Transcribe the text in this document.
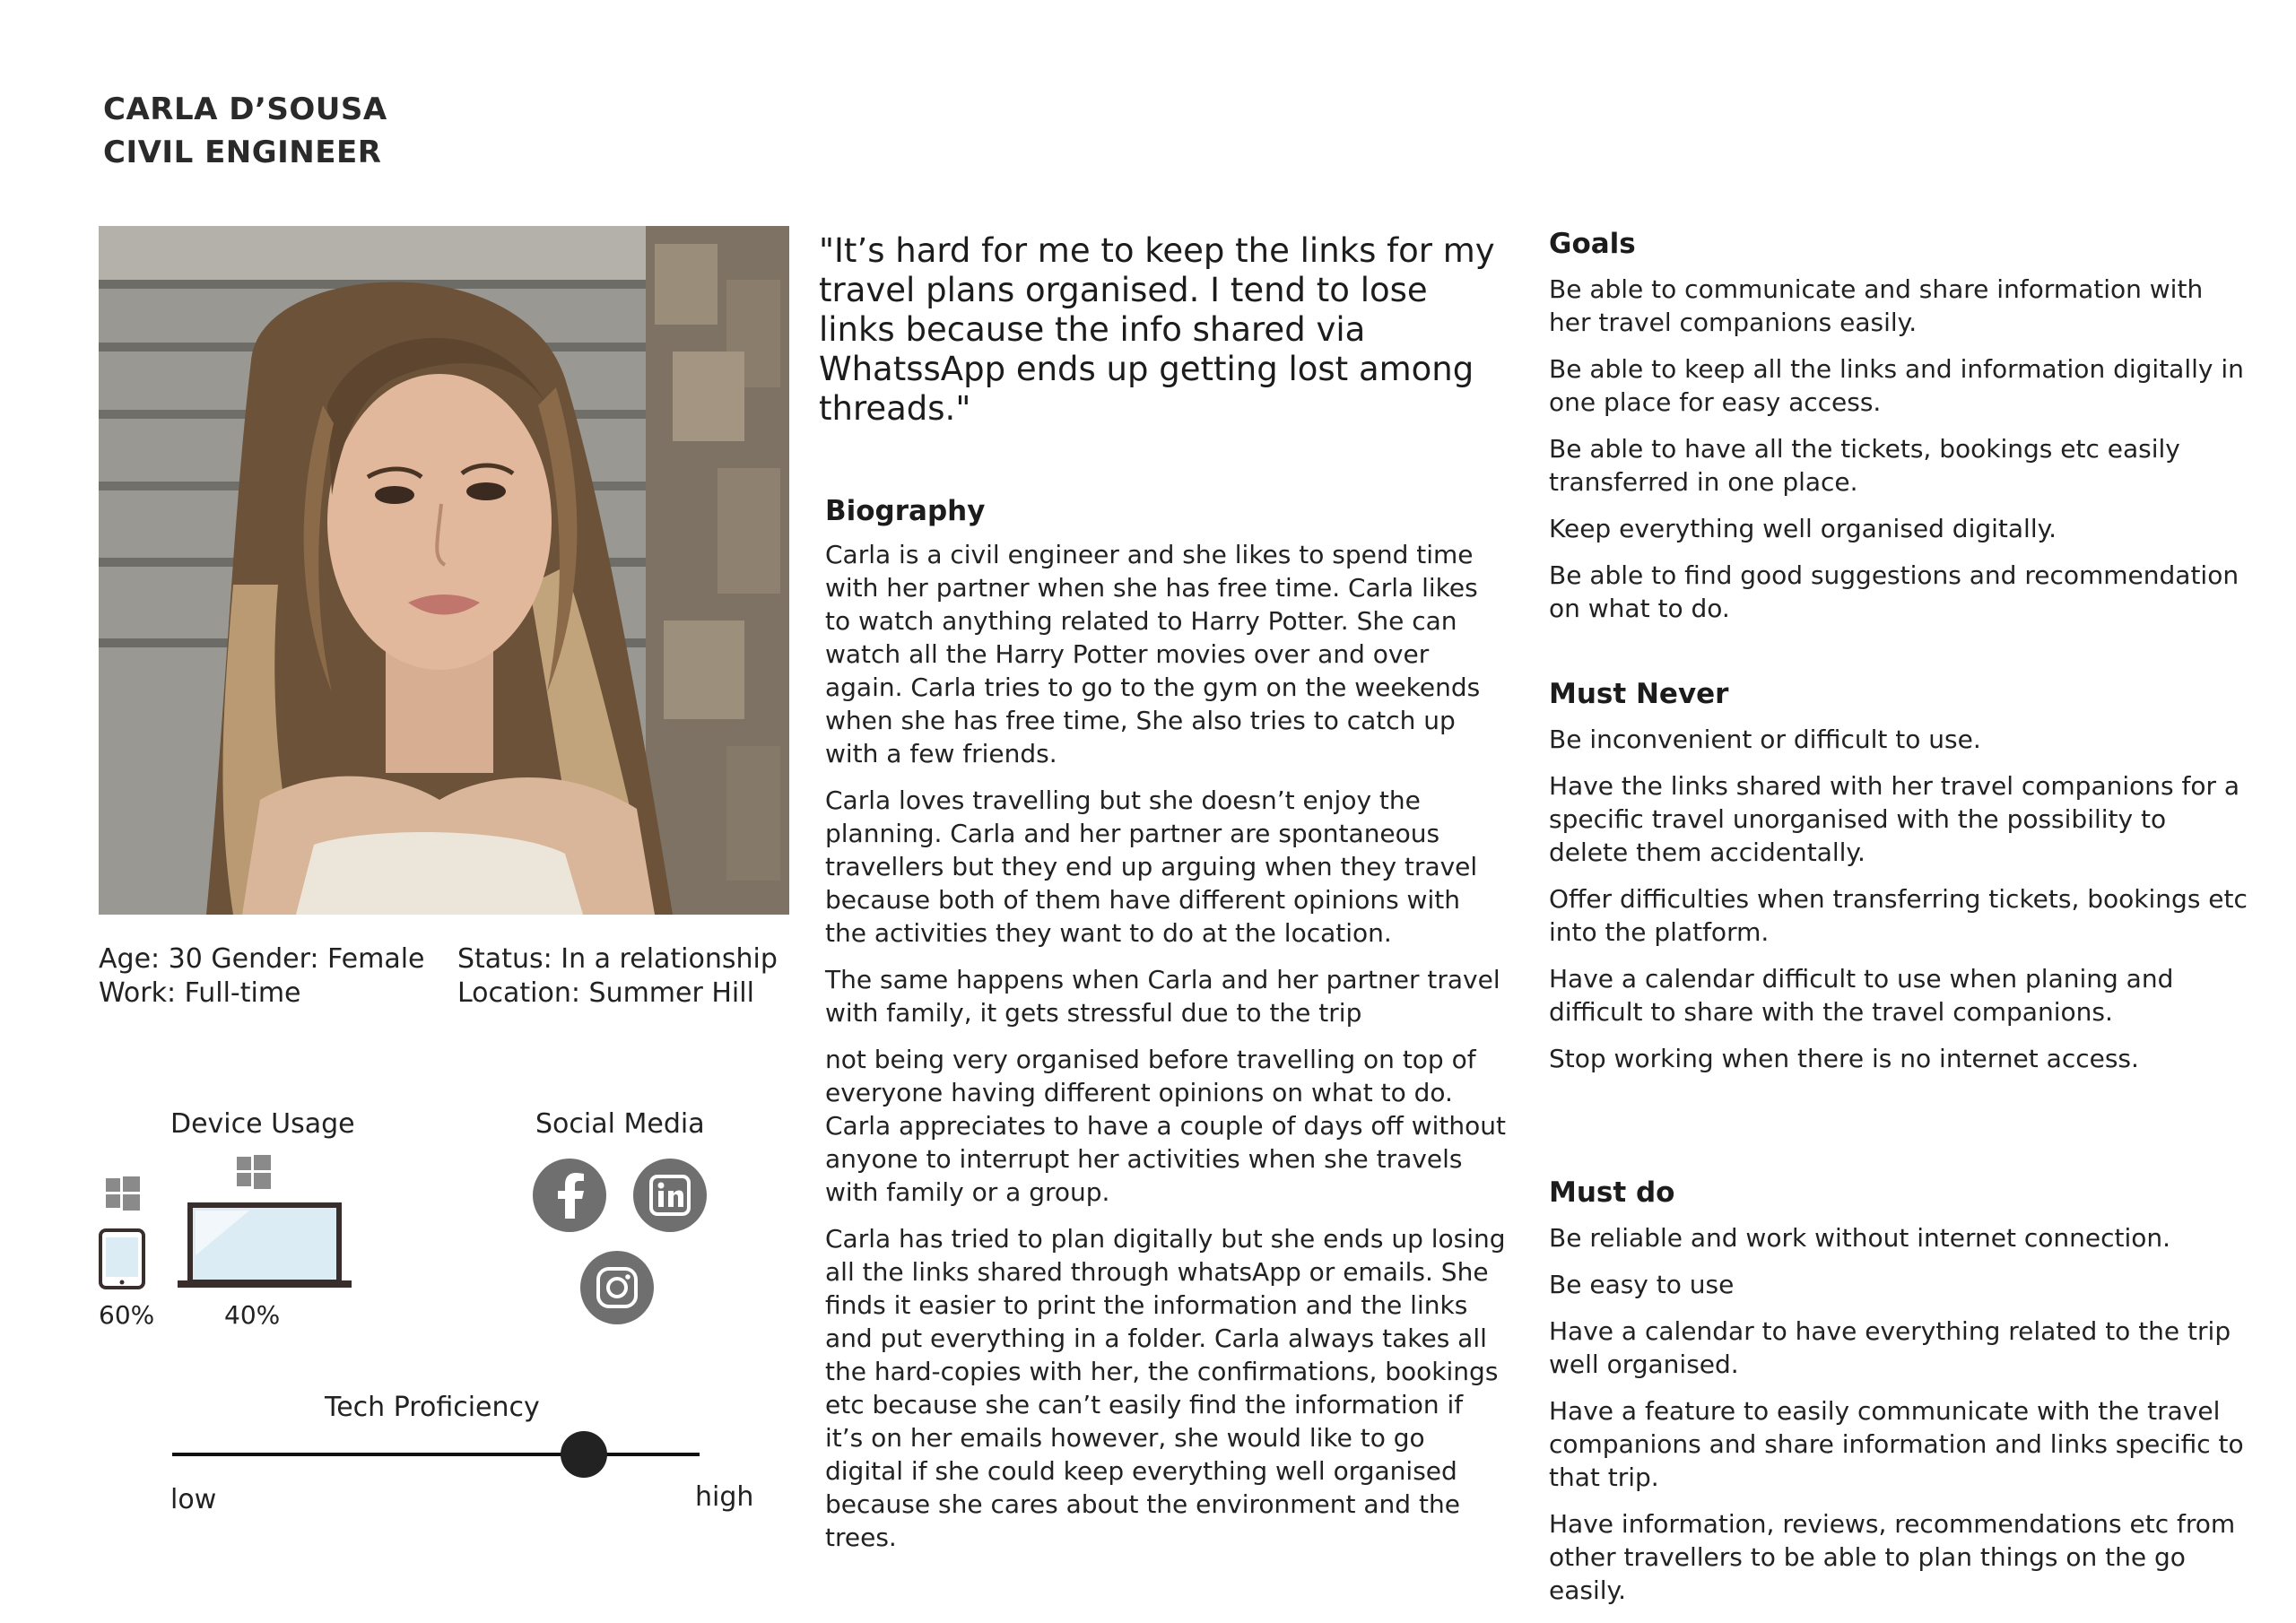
CARLA D’SOUSA
CIVIL ENGINEER
Age: 30 Gender: Female
Work: Full-time
Status: In a relationship
Location: Summer Hill
Device Usage
60%	40%
Social Media
Tech Proficiency
low	high
"It’s hard for me to keep the links for my travel plans organised. I tend to lose links because the info shared via WhatssApp ends up getting lost among threads."
Biography

Carla is a civil engineer and she likes to spend time with her partner when she has free time. Carla likes to watch anything related to Harry Potter. She can watch all the Harry Potter movies over and over again. Carla tries to go to the gym on the weekends when she has free time, She also tries to catch up with a few friends.

Carla loves travelling but she doesn’t enjoy the planning. Carla and her partner are spontaneous travellers but they end up arguing when they travel because both of them have different opinions with the activities they want to do at the location.

The same happens when Carla and her partner travel with family, it gets stressful due to the trip

not being very organised before travelling on top of everyone having different opinions on what to do. Carla appreciates to have a couple of days off without anyone to interrupt her activities when she travels with family or a group.

Carla has tried to plan digitally but she ends up losing all the links shared through whatsApp or emails. She finds it easier to print the information and the links and put everything in a folder. Carla always takes all the hard-copies with her, the confirmations, bookings etc because she can’t easily find the information if it’s on her emails however, she would like to go digital if she could keep everything well organised because she cares about the environment and the trees.

Goals
Be able to communicate and share information with her travel companions easily.
Be able to keep all the links and information digitally in one place for easy access.
Be able to have all the tickets, bookings etc easily transferred in one place.
Keep everything well organised digitally.
Be able to find good suggestions and recommendation on what to do.
Must Never
Be inconvenient or difficult to use.
Have the links shared with her travel companions for a specific travel unorganised with the possibility to delete them accidentally.
Offer difficulties when transferring tickets, bookings etc into the platform.
Have a calendar difficult to use when planing and difficult to share with the travel companions.
Stop working when there is no internet access.
Must do
Be reliable and work without internet connection.
Be easy to use
Have a calendar to have everything related to the trip well organised.
Have a feature to easily communicate with the travel companions and share information and links specific to that trip.
Have information, reviews, recommendations etc from other travellers to be able to plan things on the go easily.
